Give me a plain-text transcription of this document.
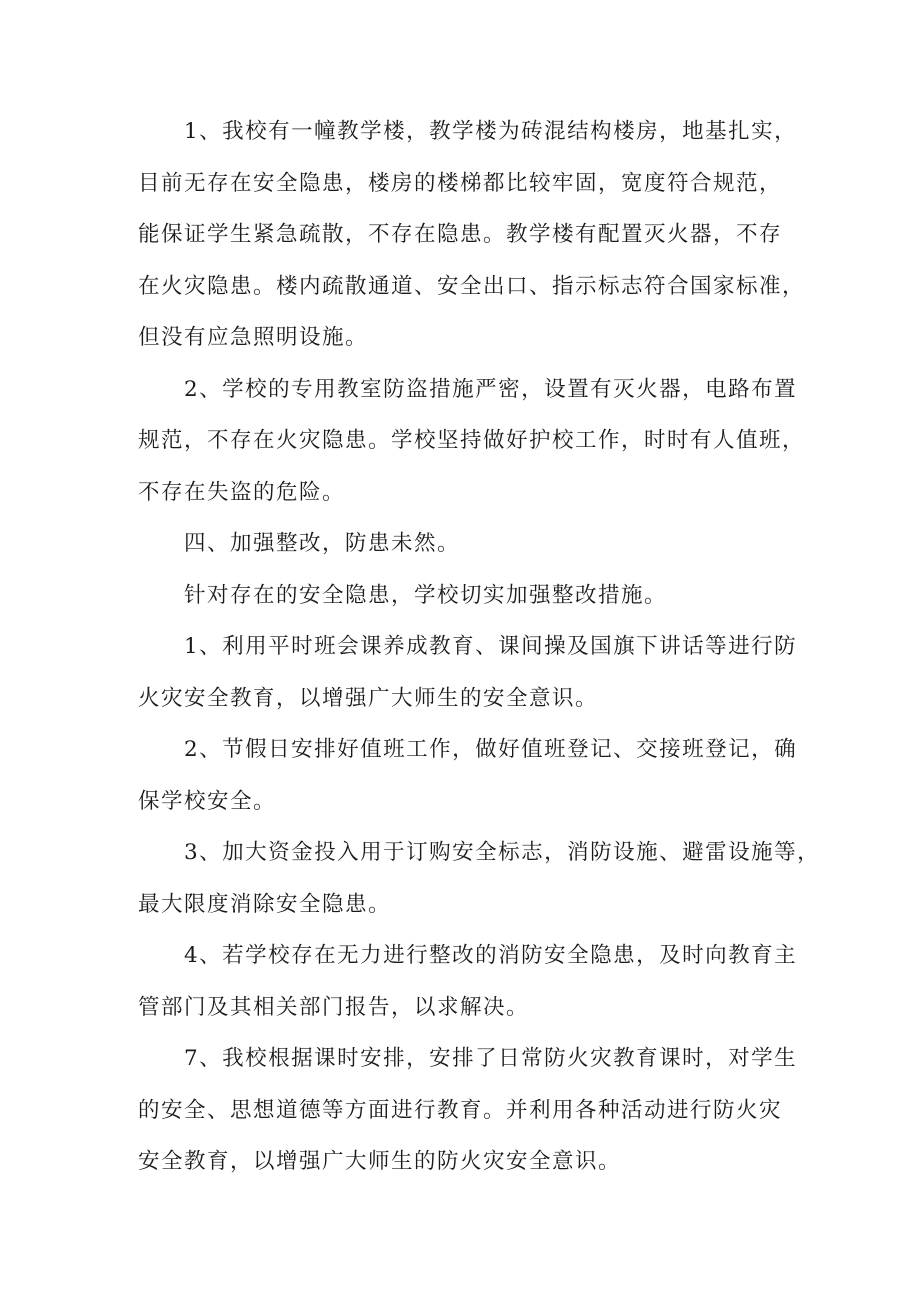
1、我校有一幢教学楼，教学楼为砖混结构楼房，地基扎实，
目前无存在安全隐患，楼房的楼梯都比较牢固，宽度符合规范，
能保证学生紧急疏散，不存在隐患。教学楼有配置灭火器，不存
在火灾隐患。楼内疏散通道、安全出口、指示标志符合国家标准，
但没有应急照明设施。
2、学校的专用教室防盗措施严密，设置有灭火器，电路布置
规范，不存在火灾隐患。学校坚持做好护校工作，时时有人值班，
不存在失盗的危险。
四、加强整改，防患未然。
针对存在的安全隐患，学校切实加强整改措施。
1、利用平时班会课养成教育、课间操及国旗下讲话等进行防
火灾安全教育，以增强广大师生的安全意识。
2、节假日安排好值班工作，做好值班登记、交接班登记，确
保学校安全。
3、加大资金投入用于订购安全标志，消防设施、避雷设施等，
最大限度消除安全隐患。
4、若学校存在无力进行整改的消防安全隐患，及时向教育主
管部门及其相关部门报告，以求解决。
7、我校根据课时安排，安排了日常防火灾教育课时，对学生
的安全、思想道德等方面进行教育。并利用各种活动进行防火灾
安全教育，以增强广大师生的防火灾安全意识。
